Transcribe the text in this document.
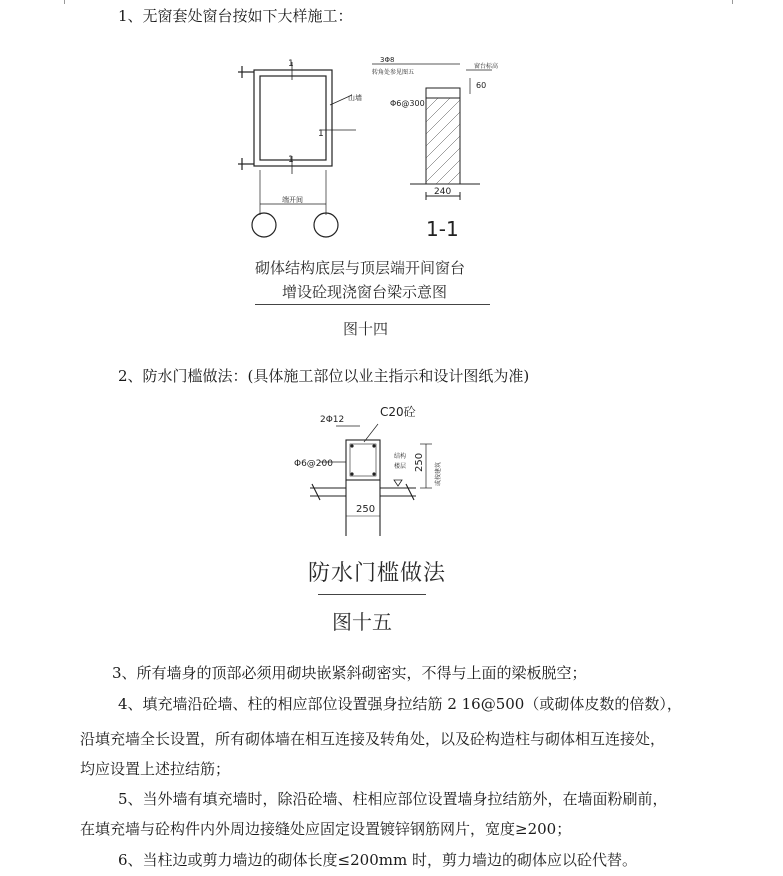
1、无窗套处窗台按如下大样施工：
1
1
1
山墙
端开间
3Φ8
转角处参见图五
窗台标高
Φ6@300
60
240
1-1
砌体结构底层与顶层端开间窗台
增设砼现浇窗台梁示意图
图十四
2、防水门槛做法：(具体施工部位以业主指示和设计图纸为准)
2Φ12
C20砼
Φ6@200
结构
楼层 250 或按建筑
250
防水门槛做法
图十五
3、所有墙身的顶部必须用砌块嵌紧斜砌密实，不得与上面的梁板脱空；
4、填充墙沿砼墙、柱的相应部位设置强身拉结筋 2 16@500（或砌体皮数的倍数），
沿填充墙全长设置，所有砌体墙在相互连接及转角处，以及砼构造柱与砌体相互连接处，
均应设置上述拉结筋；
5、当外墙有填充墙时，除沿砼墙、柱相应部位设置墙身拉结筋外，在墙面粉刷前，
在填充墙与砼构件内外周边接缝处应固定设置镀锌钢筋网片，宽度≥200；
6、当柱边或剪力墙边的砌体长度≤200mm 时，剪力墙边的砌体应以砼代替。
